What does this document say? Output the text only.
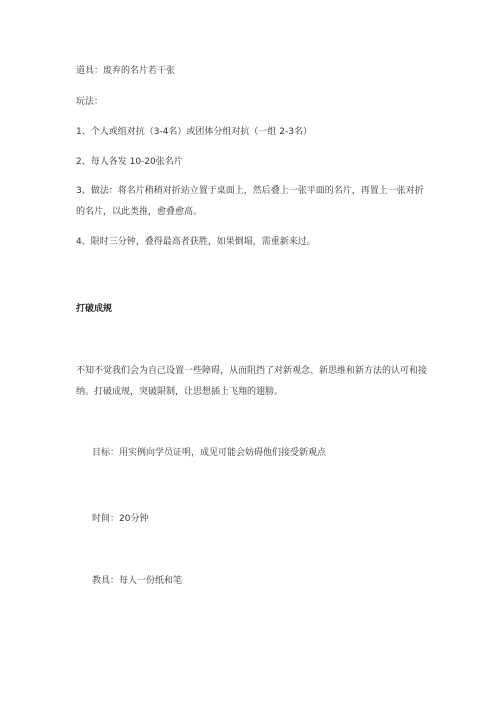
道具：废弃的名片若干张
玩法：
1、个人或组对抗（3-4名）或团体分组对抗（一组 2-3名）
2、每人各发 10-20张名片
3、做法：将名片稍稍对折站立置于桌面上，然后叠上一张平面的名片，再置上一张对折的名片，以此类推，愈叠愈高。
4、限时三分钟，叠得最高者获胜，如果倒塌，需重新来过。
打破成规
不知不觉我们会为自己设置一些障碍，从而阻挡了对新观念、新思维和新方法的认可和接纳。打破成规，突破限制，让思想插上飞翔的翅膀。
目标：用实例向学员证明，成见可能会妨碍他们接受新观点
时间：20分钟
教具：每人一份纸和笔
